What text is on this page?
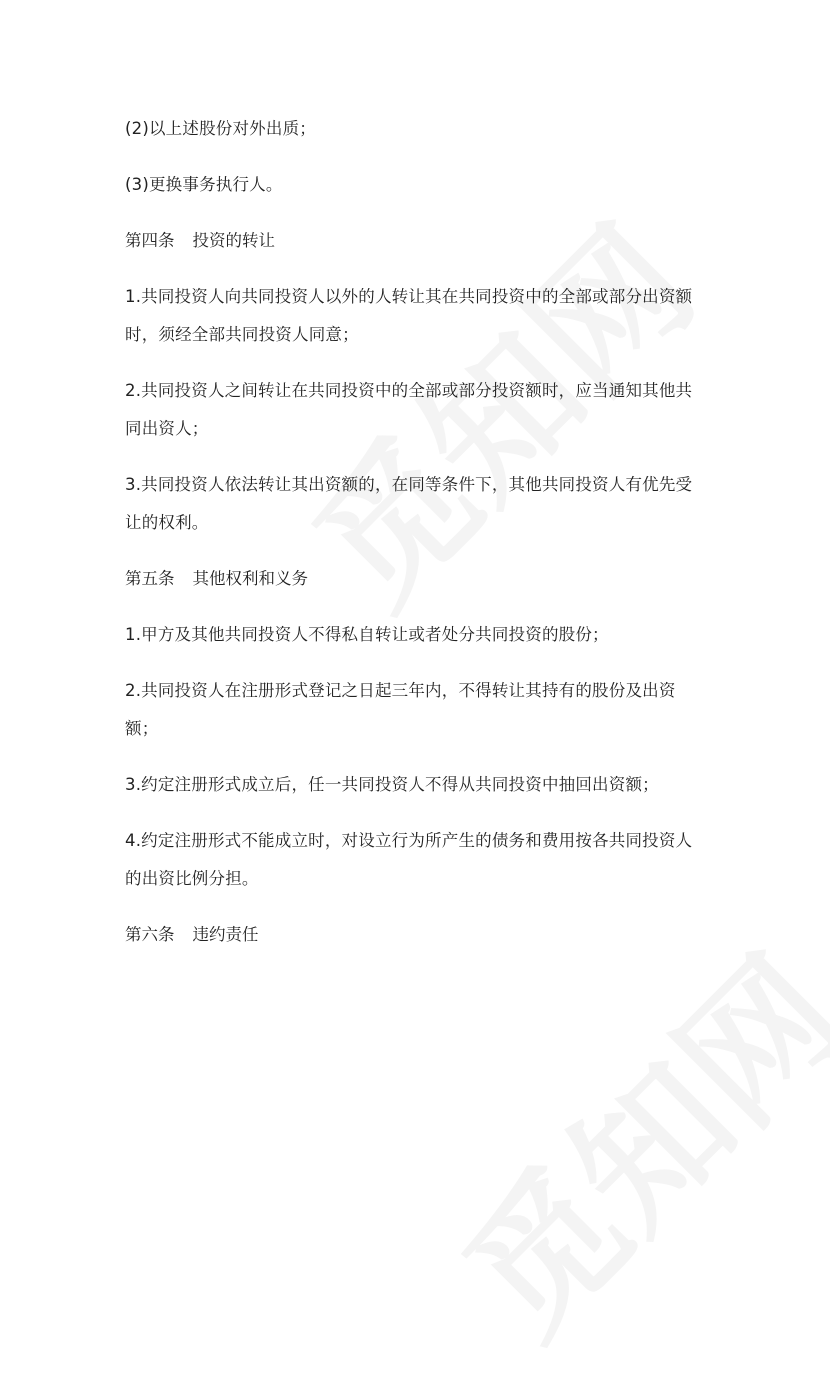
(2)以上述股份对外出质；

(3)更换事务执行人。

第四条 投资的转让

1.共同投资人向共同投资人以外的人转让其在共同投资中的全部或部分出资额时，须经全部共同投资人同意；

2.共同投资人之间转让在共同投资中的全部或部分投资额时，应当通知其他共同出资人；

3.共同投资人依法转让其出资额的，在同等条件下，其他共同投资人有优先受让的权利。

第五条 其他权利和义务

1.甲方及其他共同投资人不得私自转让或者处分共同投资的股份；

2.共同投资人在注册形式登记之日起三年内，不得转让其持有的股份及出资额；

3.约定注册形式成立后，任一共同投资人不得从共同投资中抽回出资额；

4.约定注册形式不能成立时，对设立行为所产生的债务和费用按各共同投资人的出资比例分担。

第六条 违约责任
